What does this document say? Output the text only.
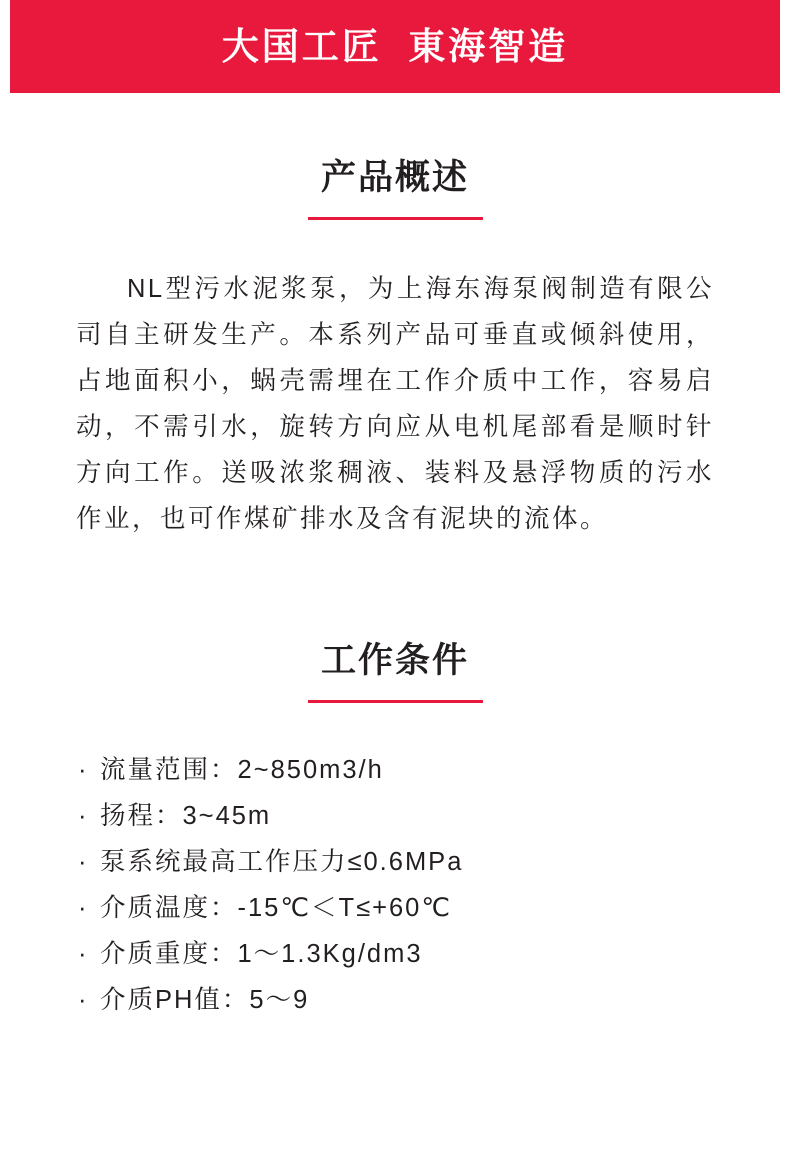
大国工匠  東海智造
产品概述

NL型污水泥浆泵，为上海东海泵阀制造有限公司自主研发生产。本系列产品可垂直或倾斜使用，占地面积小，蜗壳需埋在工作介质中工作，容易启动，不需引水，旋转方向应从电机尾部看是顺时针方向工作。送吸浓浆稠液、装料及悬浮物质的污水作业，也可作煤矿排水及含有泥块的流体。

工作条件
· 流量范围：2~850m3/h
· 扬程：3~45m
· 泵系统最高工作压力≤0.6MPa
· 介质温度：-15℃＜T≤+60℃
· 介质重度：1～1.3Kg/dm3
· 介质PH值：5～9
